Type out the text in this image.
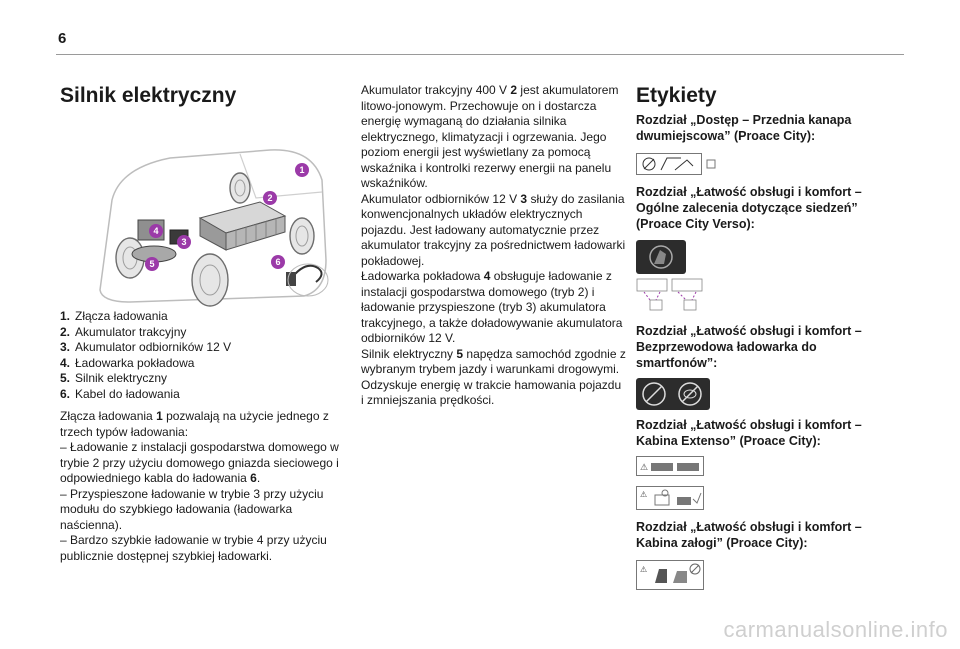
6
Silnik elektryczny
1
2
3
4
5	6
1. Złącza ładowania
2. Akumulator trakcyjny
3. Akumulator odbiorników 12 V
4. Ładowarka pokładowa
5. Silnik elektryczny
6. Kabel do ładowania

Złącza ładowania 1 pozwalają na użycie jednego z trzech typów ładowania:
– Ładowanie z instalacji gospodarstwa domowego w trybie 2 przy użyciu domowego gniazda sieciowego i odpowiedniego kabla do ładowania 6.
– Przyspieszone ładowanie w trybie 3 przy użyciu modułu do szybkiego ładowania (ładowarka naścienna).
– Bardzo szybkie ładowanie w trybie 4 przy użyciu publicznie dostępnej szybkiej ładowarki.

Akumulator trakcyjny 400 V 2 jest akumulatorem litowo-jonowym. Przechowuje on i dostarcza energię wymaganą do działania silnika elektrycznego, klimatyzacji i ogrzewania. Jego poziom energii jest wyświetlany za pomocą wskaźnika i kontrolki rezerwy energii na panelu wskaźników.
Akumulator odbiorników 12 V 3 służy do zasilania konwencjonalnych układów elektrycznych pojazdu. Jest ładowany automatycznie przez akumulator trakcyjny za pośrednictwem ładowarki pokładowej.
Ładowarka pokładowa 4 obsługuje ładowanie z instalacji gospodarstwa domowego (tryb 2) i ładowanie przyspieszone (tryb 3) akumulatora trakcyjnego, a także doładowywanie akumulatora odbiorników 12 V.
Silnik elektryczny 5 napędza samochód zgodnie z wybranym trybem jazdy i warunkami drogowymi. Odzyskuje energię w trakcie hamowania pojazdu i zmniejszania prędkości.

Etykiety

Rozdział „Dostęp – Przednia kanapa dwumiejscowa” (Proace City):

Rozdział „Łatwość obsługi i komfort – Ogólne zalecenia dotyczące siedzeń” (Proace City Verso):

Rozdział „Łatwość obsługi i komfort – Bezprzewodowa ładowarka do smartfonów”:

Rozdział „Łatwość obsługi i komfort – Kabina Extenso” (Proace City):

⚠
⚠

Rozdział „Łatwość obsługi i komfort – Kabina załogi” (Proace City):

⚠
carmanualsonline.info
